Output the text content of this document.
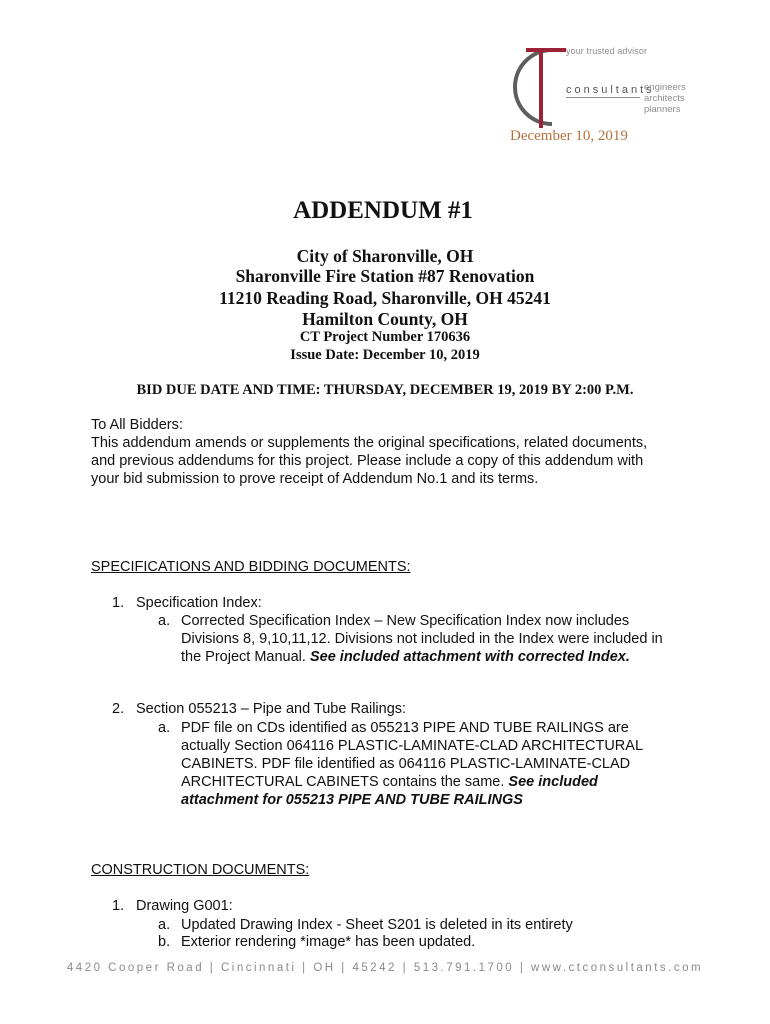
your trusted advisor
consultants
engineers
architects
planners
December 10, 2019
ADDENDUM #1
City of Sharonville, OH
Sharonville Fire Station #87 Renovation
11210 Reading Road, Sharonville, OH 45241
Hamilton County, OH
CT Project Number 170636
Issue Date: December 10, 2019
BID DUE DATE AND TIME: THURSDAY, DECEMBER 19, 2019 BY 2:00 P.M.
To All Bidders:
This addendum amends or supplements the original specifications, related documents,
and previous addendums for this project. Please include a copy of this addendum with
your bid submission to prove receipt of Addendum No.1 and its terms.
SPECIFICATIONS AND BIDDING DOCUMENTS:
1. Specification Index:
a. Corrected Specification Index – New Specification Index now includes Divisions 8, 9,10,11,12. Divisions not included in the Index were included in the Project Manual. See included attachment with corrected Index.
2. Section 055213 – Pipe and Tube Railings:
a. PDF file on CDs identified as 055213 PIPE AND TUBE RAILINGS are actually Section 064116 PLASTIC-LAMINATE-CLAD ARCHITECTURAL CABINETS. PDF file identified as 064116 PLASTIC-LAMINATE-CLAD ARCHITECTURAL CABINETS contains the same. See included attachment for 055213 PIPE AND TUBE RAILINGS
CONSTRUCTION DOCUMENTS:
1. Drawing G001:
a. Updated Drawing Index - Sheet S201 is deleted in its entirety
b. Exterior rendering *image* has been updated.
4420 Cooper Road | Cincinnati | OH | 45242 | 513.791.1700 | www.ctconsultants.com
